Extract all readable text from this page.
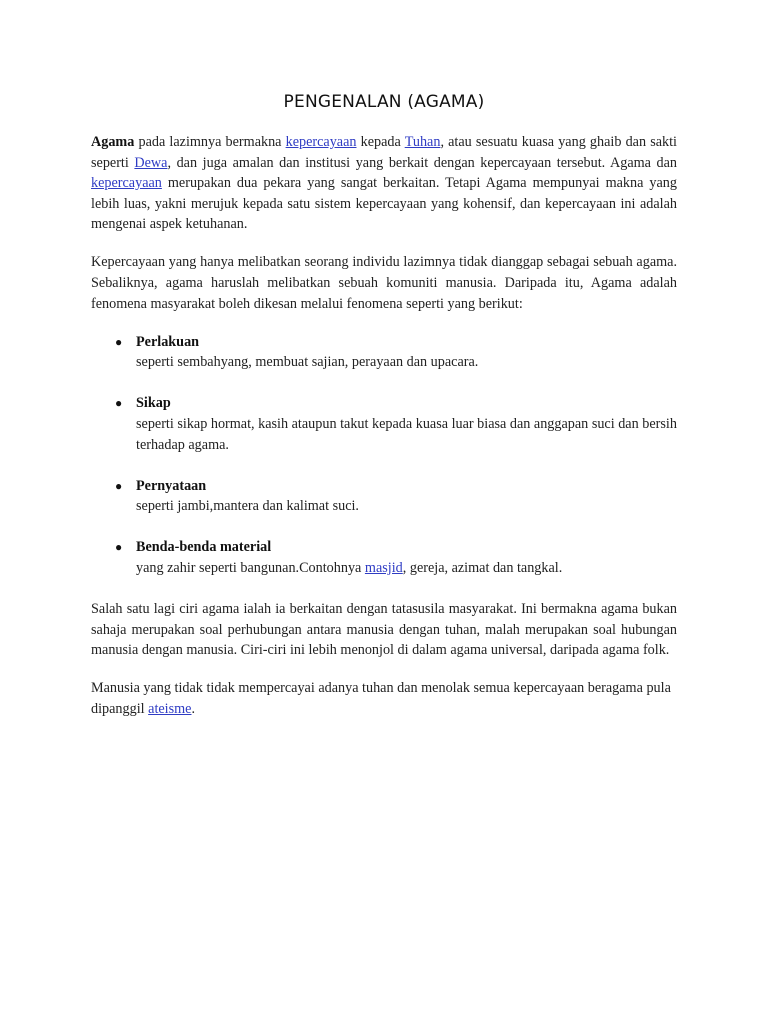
PENGENALAN (AGAMA)

Agama pada lazimnya bermakna kepercayaan kepada Tuhan, atau sesuatu kuasa yang ghaib dan sakti seperti Dewa, dan juga amalan dan institusi yang berkait dengan kepercayaan tersebut. Agama dan kepercayaan merupakan dua pekara yang sangat berkaitan. Tetapi Agama mempunyai makna yang lebih luas, yakni merujuk kepada satu sistem kepercayaan yang kohensif, dan kepercayaan ini adalah mengenai aspek ketuhanan.

Kepercayaan yang hanya melibatkan seorang individu lazimnya tidak dianggap sebagai sebuah agama. Sebaliknya, agama haruslah melibatkan sebuah komuniti manusia. Daripada itu, Agama adalah fenomena masyarakat boleh dikesan melalui fenomena seperti yang berikut:

● Perlakuan
seperti sembahyang, membuat sajian, perayaan dan upacara.
● Sikap
seperti sikap hormat, kasih ataupun takut kepada kuasa luar biasa dan anggapan suci dan bersih terhadap agama.
● Pernyataan
seperti jambi,mantera dan kalimat suci.
● Benda-benda material
yang zahir seperti bangunan.Contohnya masjid, gereja, azimat dan tangkal.

Salah satu lagi ciri agama ialah ia berkaitan dengan tatasusila masyarakat. Ini bermakna agama bukan sahaja merupakan soal perhubungan antara manusia dengan tuhan, malah merupakan soal hubungan manusia dengan manusia. Ciri-ciri ini lebih menonjol di dalam agama universal, daripada agama folk.

Manusia yang tidak tidak mempercayai adanya tuhan dan menolak semua kepercayaan beragama pula dipanggil ateisme.
